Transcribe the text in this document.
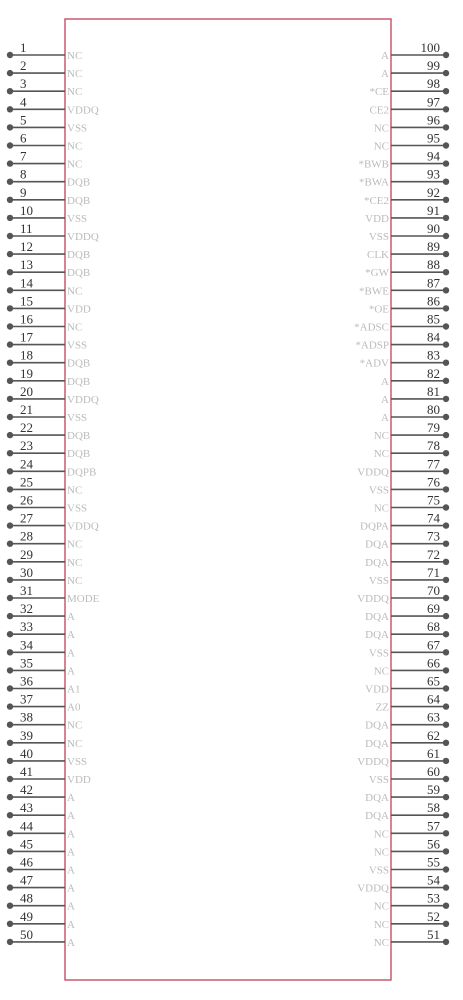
1
NC
2
NC
3
NC
4
VDDQ
5
VSS
6
NC
7
NC
8
DQB
9
DQB
10
VSS
11
VDDQ
12
DQB
13
DQB
14
NC
15
VDD
16
NC
17
VSS
18
DQB
19
DQB
20
VDDQ
21
VSS
22
DQB
23
DQB
24
DQPB
25
NC
26
VSS
27
VDDQ
28
NC
29
NC
30
NC
31
MODE
32
A
33
A
34
A
35
A
36
A1
37
A0
38
NC
39
NC
40
VSS
41
VDD
42
A
43
A
44
A
45
A
46
A
47
A
48
A
49
A
50
A
100
A
99
A
98
*CE
97
CE2
96
NC
95
NC
94
*BWB
93
*BWA
92
*CE2
91
VDD
90
VSS
89
CLK
88
*GW
87
*BWE
86
*OE
85
*ADSC
84
*ADSP
83
*ADV
82
A
81
A
80
A
79
NC
78
NC
77
VDDQ
76
VSS
75
NC
74
DQPA
73
DQA
72
DQA
71
VSS
70
VDDQ
69
DQA
68
DQA
67
VSS
66
NC
65
VDD
64
ZZ
63
DQA
62
DQA
61
VDDQ
60
VSS
59
DQA
58
DQA
57
NC
56
NC
55
VSS
54
VDDQ
53
NC
52
NC
51
NC
